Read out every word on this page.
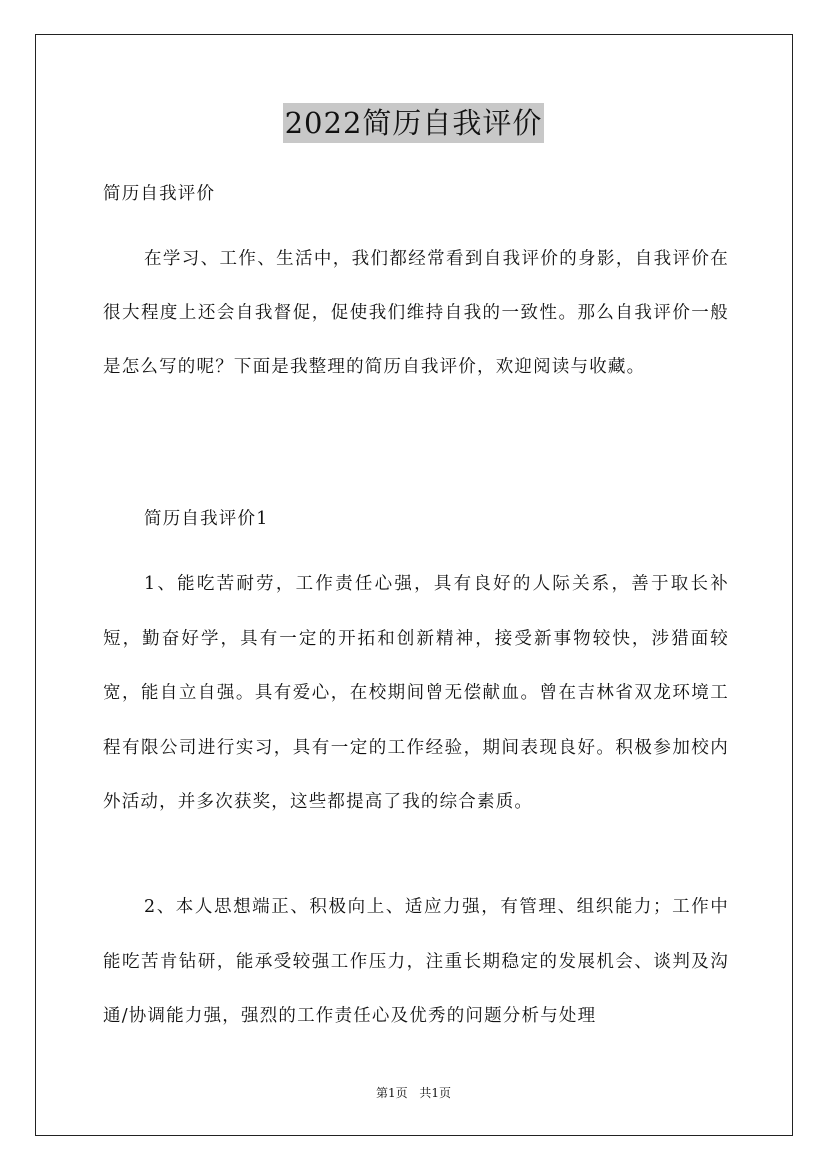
2022简历自我评价

简历自我评价

在学习、工作、生活中，我们都经常看到自我评价的身影，自我评价在很大程度上还会自我督促，促使我们维持自我的一致性。那么自我评价一般是怎么写的呢？下面是我整理的简历自我评价，欢迎阅读与收藏。

简历自我评价1

1、能吃苦耐劳，工作责任心强，具有良好的人际关系，善于取长补短，勤奋好学，具有一定的开拓和创新精神，接受新事物较快，涉猎面较宽，能自立自强。具有爱心，在校期间曾无偿献血。曾在吉林省双龙环境工程有限公司进行实习，具有一定的工作经验，期间表现良好。积极参加校内外活动，并多次获奖，这些都提高了我的综合素质。

2、本人思想端正、积极向上、适应力强，有管理、组织能力；工作中能吃苦肯钻研，能承受较强工作压力，注重长期稳定的发展机会、谈判及沟通/协调能力强，强烈的工作责任心及优秀的问题分析与处理

第1页 共1页
